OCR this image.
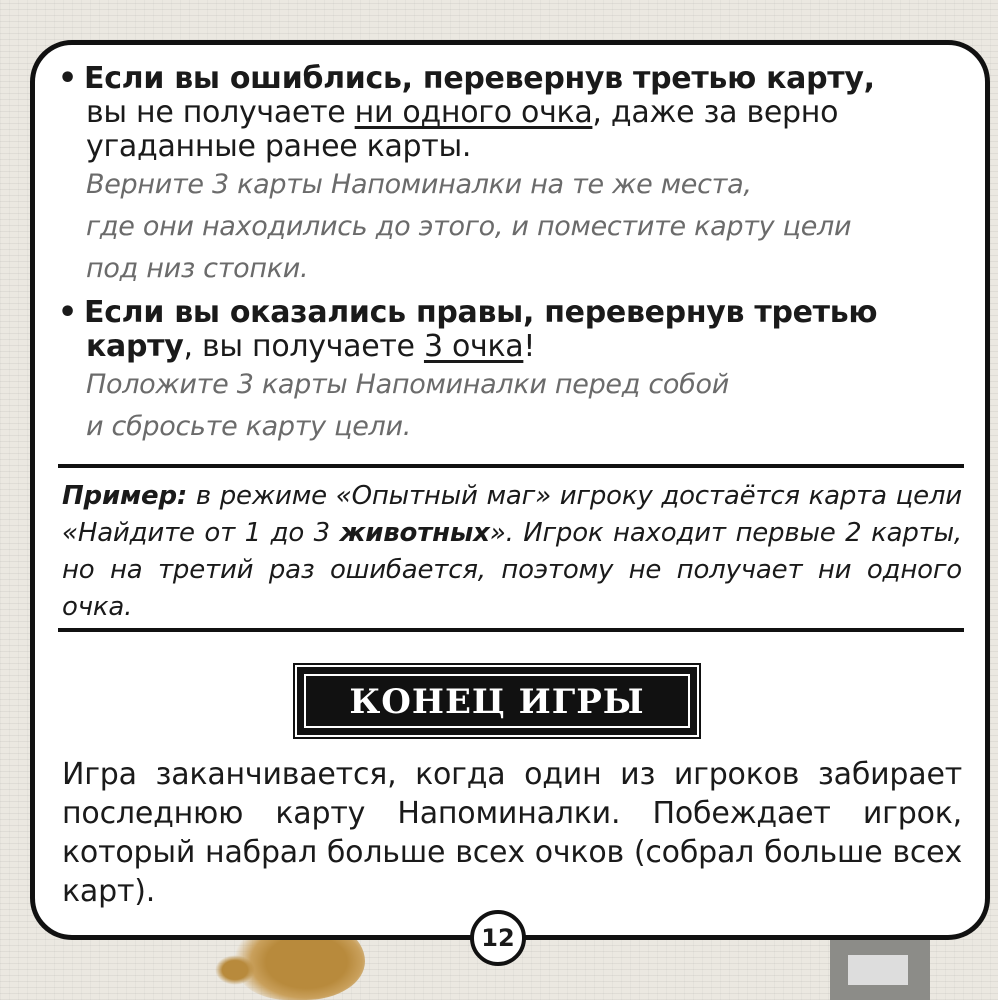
• Если вы ошиблись, перевернув третью карту,
вы не получаете ни одного очка, даже за верно
угаданные ранее карты.
Верните 3 карты Напоминалки на те же места,
где они находились до этого, и поместите карту цели
под низ стопки.
• Если вы оказались правы, перевернув третью
карту, вы получаете 3 очка!
Положите 3 карты Напоминалки перед собой
и сбросьте карту цели.
Пример: в режиме «Опытный маг» игроку достаётся карта цели «Найдите от 1 до 3 животных». Игрок находит первые 2 карты, но на третий раз ошибается, поэтому не получает ни одного очка.
КОНЕЦ ИГРЫ
Игра заканчивается, когда один из игроков забирает последнюю карту Напоминалки. Побеждает игрок, который набрал больше всех очков (собрал больше всех карт).
12
